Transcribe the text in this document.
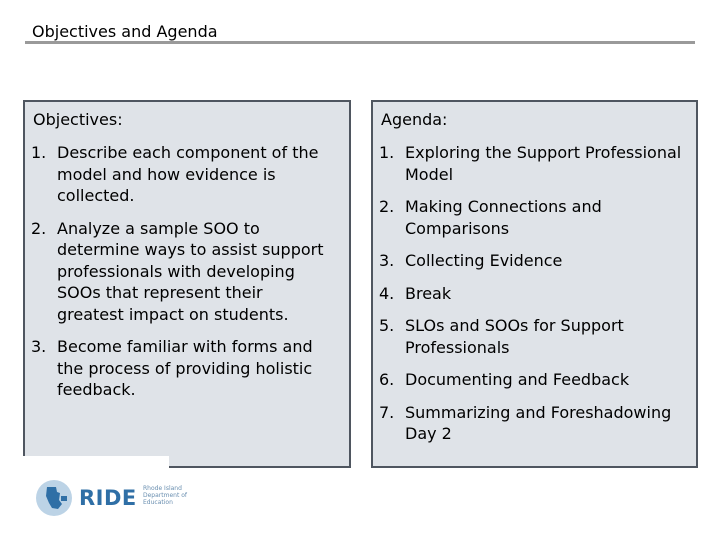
Objectives and Agenda
Objectives:
1. Describe each component of the model and how evidence is collected.
2. Analyze a sample SOO to determine ways to assist support professionals with developing SOOs that represent their greatest impact on students.
3. Become familiar with forms and the process of providing holistic feedback.
Agenda:
1. Exploring the Support Professional Model
2. Making Connections and Comparisons
3. Collecting Evidence
4. Break
5. SLOs and SOOs for Support Professionals
6. Documenting and Feedback
7. Summarizing and Foreshadowing Day 2
RIDE Rhode Island Department of Education
